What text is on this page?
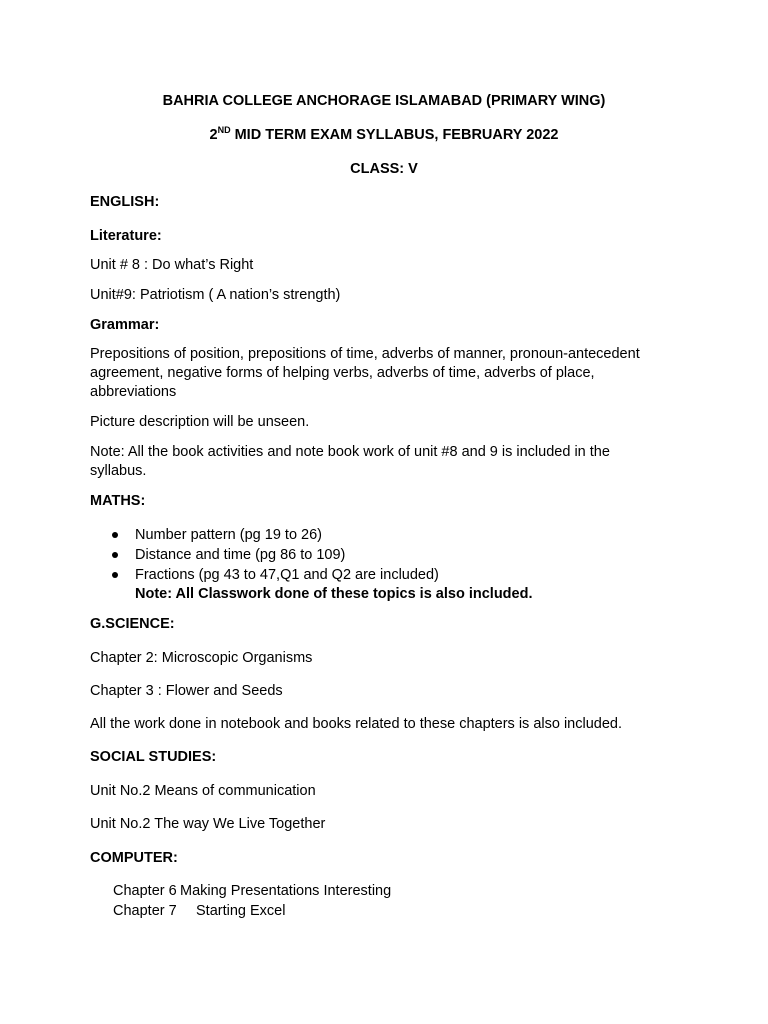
BAHRIA COLLEGE ANCHORAGE ISLAMABAD (PRIMARY WING)
2ND MID TERM EXAM SYLLABUS, FEBRUARY 2022
CLASS: V
ENGLISH:
Literature:
Unit # 8 : Do what’s Right
Unit#9: Patriotism ( A nation’s strength)
Grammar:
Prepositions of position, prepositions of time, adverbs of manner, pronoun-antecedent
agreement, negative forms of helping verbs, adverbs of time, adverbs of place,
abbreviations
Picture description will be unseen.
Note: All the book activities and note book work of unit #8 and 9 is included in the
syllabus.
MATHS:
Number pattern (pg 19 to 26)
Distance and time (pg 86 to 109)
Fractions (pg 43 to 47,Q1 and Q2 are included)
Note: All Classwork done of these topics is also included.
G.SCIENCE:
Chapter 2: Microscopic Organisms
Chapter 3 : Flower and Seeds
All the work done in notebook and books related to these chapters is also included.
SOCIAL STUDIES:
Unit No.2 Means of communication
Unit No.2 The way We Live Together
COMPUTER:
Chapter 6 Making Presentations Interesting
Chapter 7 Starting Excel
